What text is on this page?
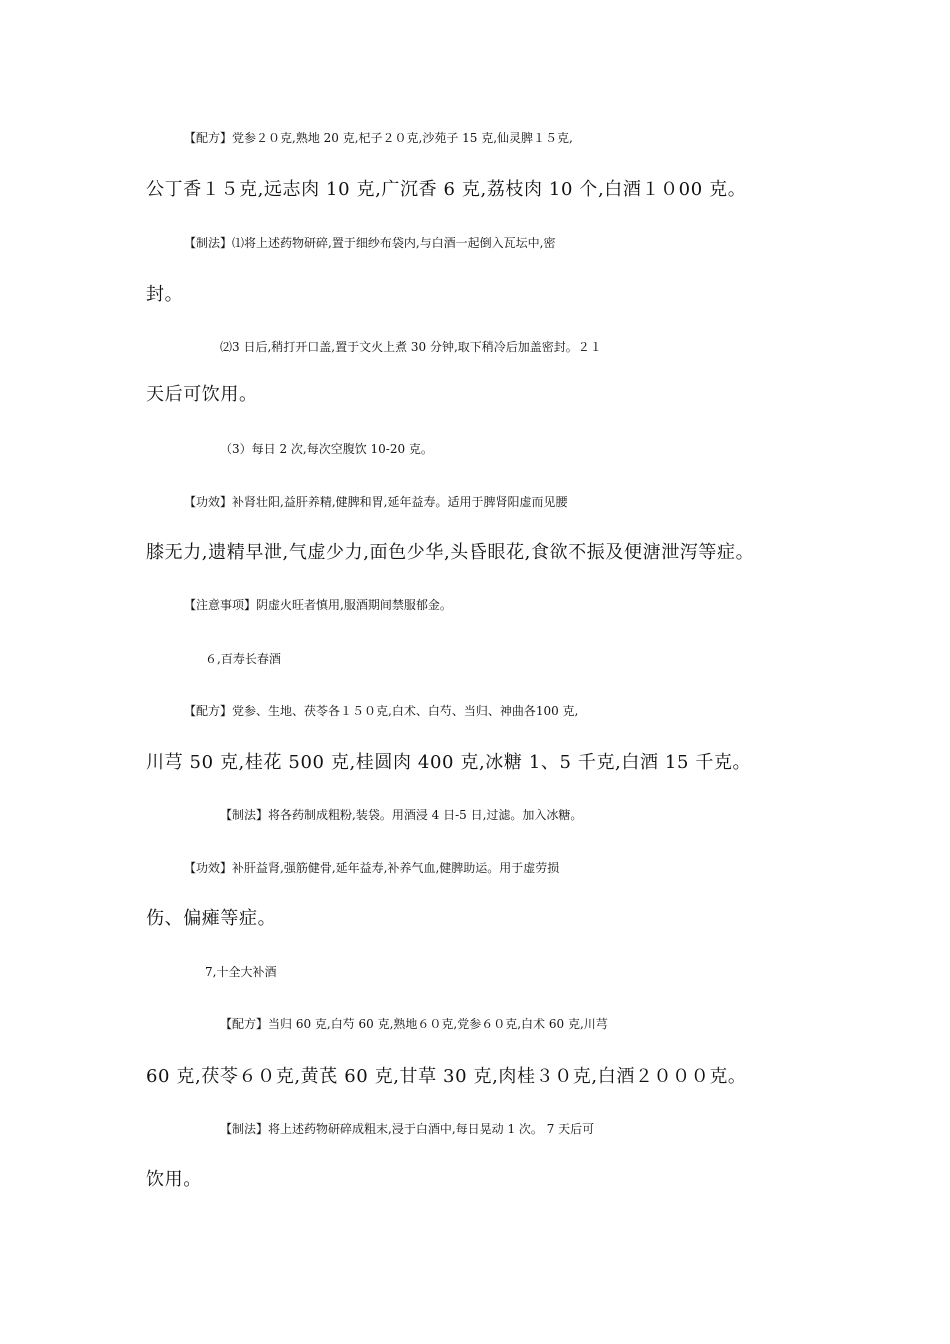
【配方】党参２０克,熟地 20 克,杞子２０克,沙苑子 15 克,仙灵脾１５克,
公丁香１５克,远志肉 10 克,广沉香 6 克,荔枝肉 10 个,白酒１０00 克。
【制法】⑴将上述药物研碎,置于细纱布袋内,与白酒一起倒入瓦坛中,密
封。
⑵3 日后,稍打开口盖,置于文火上煮 30 分钟,取下稍冷后加盖密封。２１
天后可饮用。
（3）每日 2 次,每次空腹饮 10-20 克。
【功效】补肾壮阳,益肝养精,健脾和胃,延年益寿。适用于脾肾阳虚而见腰
膝无力,遗精早泄,气虚少力,面色少华,头昏眼花,食欲不振及便溏泄泻等症。
【注意事项】阴虚火旺者慎用,服酒期间禁服郁金。
６,百寿长春酒
【配方】党参、生地、茯苓各１５０克,白术、白芍、当归、神曲各100 克,
川芎 50 克,桂花 500 克,桂圆肉 400 克,冰糖 1、5 千克,白酒 15 千克。
【制法】将各药制成粗粉,装袋。用酒浸 4 日-5 日,过滤。加入冰糖。
【功效】补肝益肾,强筋健骨,延年益寿,补养气血,健脾助运。用于虚劳损
伤、偏瘫等症。
7,十全大补酒
【配方】当归 60 克,白芍 60 克,熟地６０克,党参６０克,白术 60 克,川芎
60 克,茯苓６０克,黄芪 60 克,甘草 30 克,肉桂３０克,白酒２０００克。
【制法】将上述药物研碎成粗末,浸于白酒中,每日晃动 1 次。 7 天后可
饮用。
